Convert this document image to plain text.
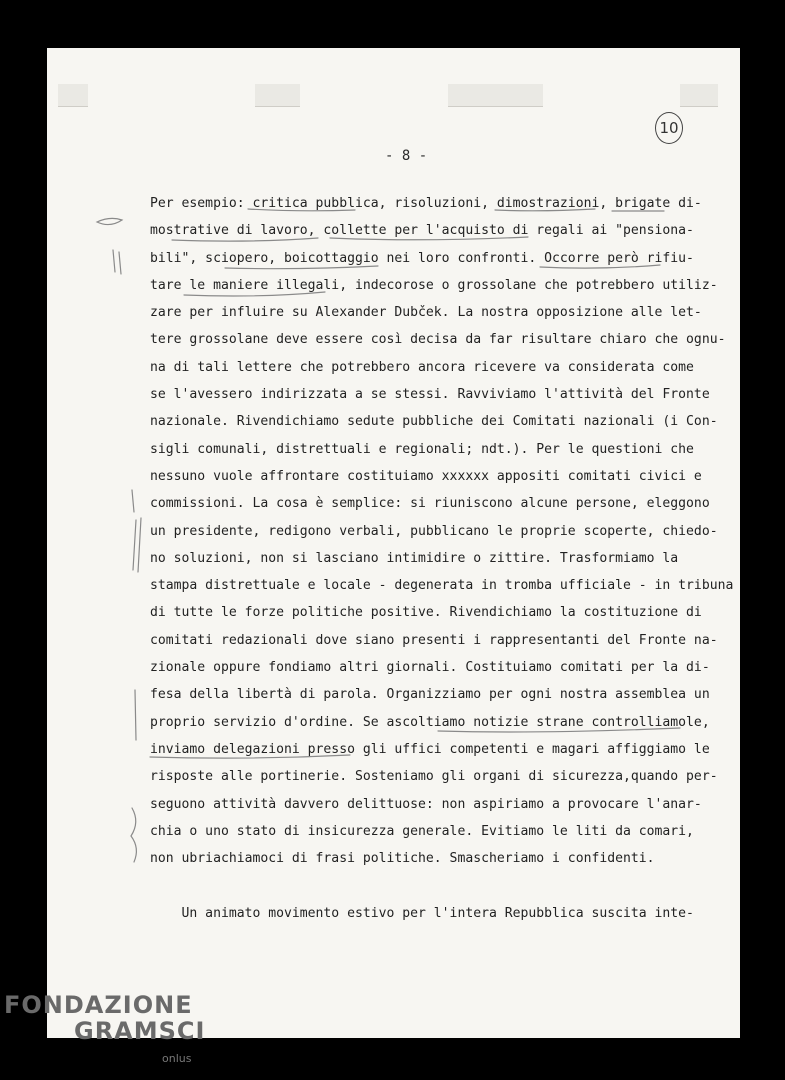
- 8 -
10
Per esempio: critica pubblica, risoluzioni, dimostrazioni, brigate di-
mostrative di lavoro, collette per l'acquisto di regali ai "pensiona-
bili", sciopero, boicottaggio nei loro confronti. Occorre però rifiu-
tare le maniere illegali, indecorose o grossolane che potrebbero utiliz-
zare per influire su Alexander Dubček. La nostra opposizione alle let-
tere grossolane deve essere così decisa da far risultare chiaro che ognu-
na di tali lettere che potrebbero ancora ricevere va considerata come
se l'avessero indirizzata a se stessi. Ravviviamo l'attività del Fronte
nazionale. Rivendichiamo sedute pubbliche dei Comitati nazionali (i Con-
sigli comunali, distrettuali e regionali; ndt.). Per le questioni che
nessuno vuole affrontare costituiamo xxxxxx appositi comitati civici e
commissioni. La cosa è semplice: si riuniscono alcune persone, eleggono
un presidente, redigono verbali, pubblicano le proprie scoperte, chiedo-
no soluzioni, non si lasciano intimidire o zittire. Trasformiamo la
stampa distrettuale e locale - degenerata in tromba ufficiale - in tribuna
di tutte le forze politiche positive. Rivendichiamo la costituzione di
comitati redazionali dove siano presenti i rappresentanti del Fronte na-
zionale oppure fondiamo altri giornali. Costituiamo comitati per la di-
fesa della libertà di parola. Organizziamo per ogni nostra assemblea un
proprio servizio d'ordine. Se ascoltiamo notizie strane controlliamole,
inviamo delegazioni presso gli uffici competenti e magari affiggiamo le
risposte alle portinerie. Sosteniamo gli organi di sicurezza,quando per-
seguono attività davvero delittuose: non aspiriamo a provocare l'anar-
chia o uno stato di insicurezza generale. Evitiamo le liti da comari,
non ubriachiamoci di frasi politiche. Smascheriamo i confidenti.
Un animato movimento estivo per l'intera Repubblica suscita inte-
FONDAZIONE
GRAMSCI
onlus
